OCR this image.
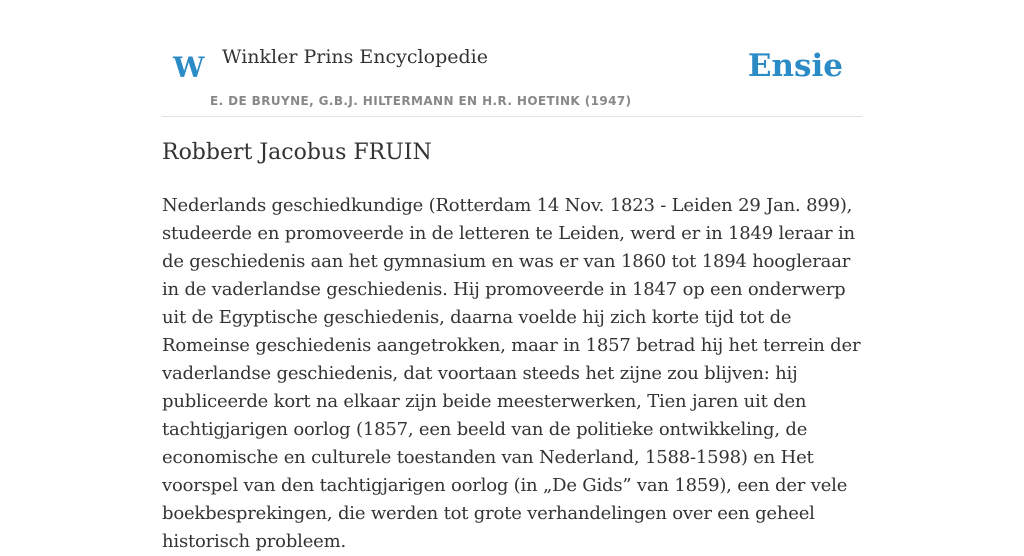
W Winkler Prins Encyclopedie
E. DE BRUYNE, G.B.J. HILTERMANN EN H.R. HOETINK (1947)
Ensie
Robbert Jacobus FRUIN

Nederlands geschiedkundige (Rotterdam 14 Nov. 1823 - Leiden 29 Jan. 899), studeerde en promoveerde in de letteren te Leiden, werd er in 1849 leraar in de geschiedenis aan het gymnasium en was er van 1860 tot 1894 hoogleraar in de vaderlandse geschiedenis. Hij promoveerde in 1847 op een onderwerp uit de Egyptische geschiedenis, daarna voelde hij zich korte tijd tot de Romeinse geschiedenis aangetrokken, maar in 1857 betrad hij het terrein der vaderlandse geschiedenis, dat voortaan steeds het zijne zou blijven: hij publiceerde kort na elkaar zijn beide meesterwerken, Tien jaren uit den tachtigjarigen oorlog (1857, een beeld van de politieke ontwikkeling, de economische en culturele toestanden van Nederland, 1588-1598) en Het voorspel van den tachtigjarigen oorlog (in „De Gids” van 1859), een der vele boekbesprekingen, die werden tot grote verhandelingen over een geheel historisch probleem.
